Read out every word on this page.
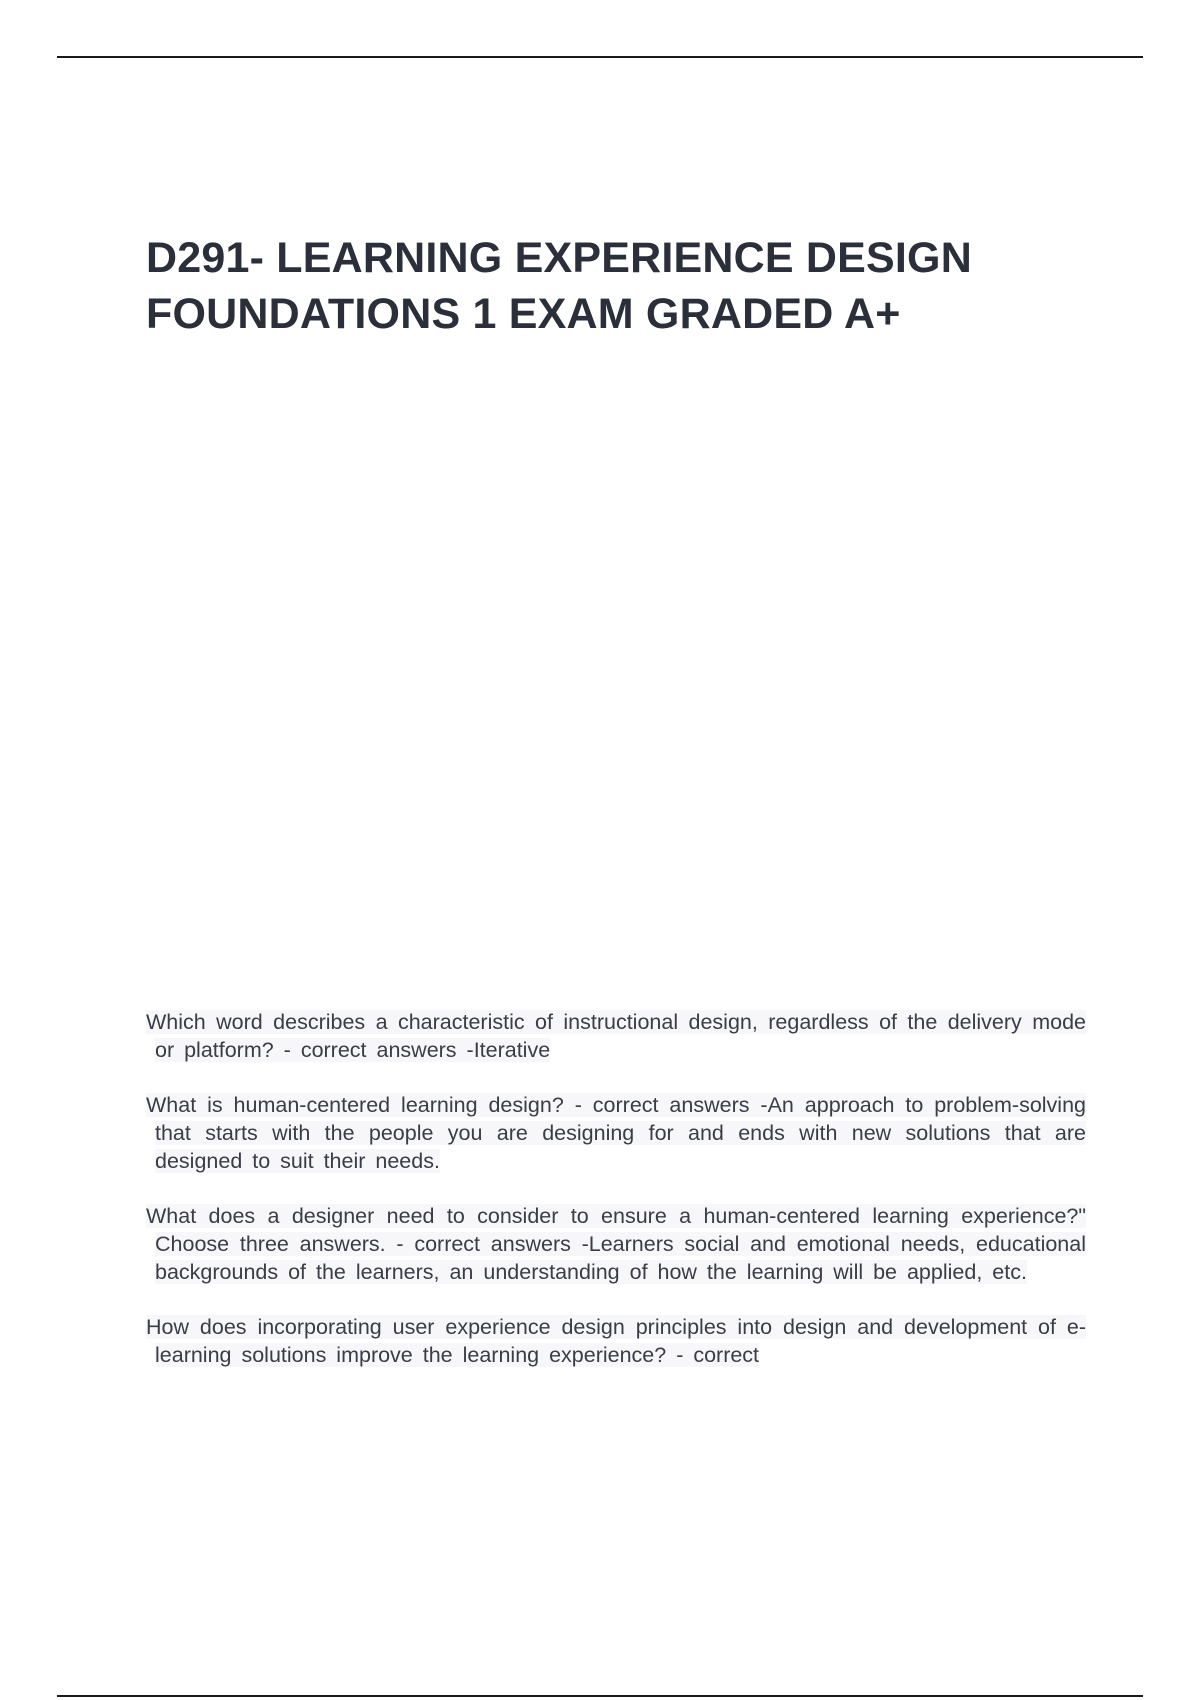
D291- LEARNING EXPERIENCE DESIGN FOUNDATIONS 1 EXAM GRADED A+
Which word describes a characteristic of instructional design, regardless of the delivery mode or platform? - correct answers -Iterative
What is human-centered learning design? - correct answers -An approach to problem-solving that starts with the people you are designing for and ends with new solutions that are designed to suit their needs.
What does a designer need to consider to ensure a human-centered learning experience?" Choose three answers. - correct answers -Learners social and emotional needs, educational backgrounds of the learners, an understanding of how the learning will be applied, etc.
How does incorporating user experience design principles into design and development of e-learning solutions improve the learning experience? - correct
